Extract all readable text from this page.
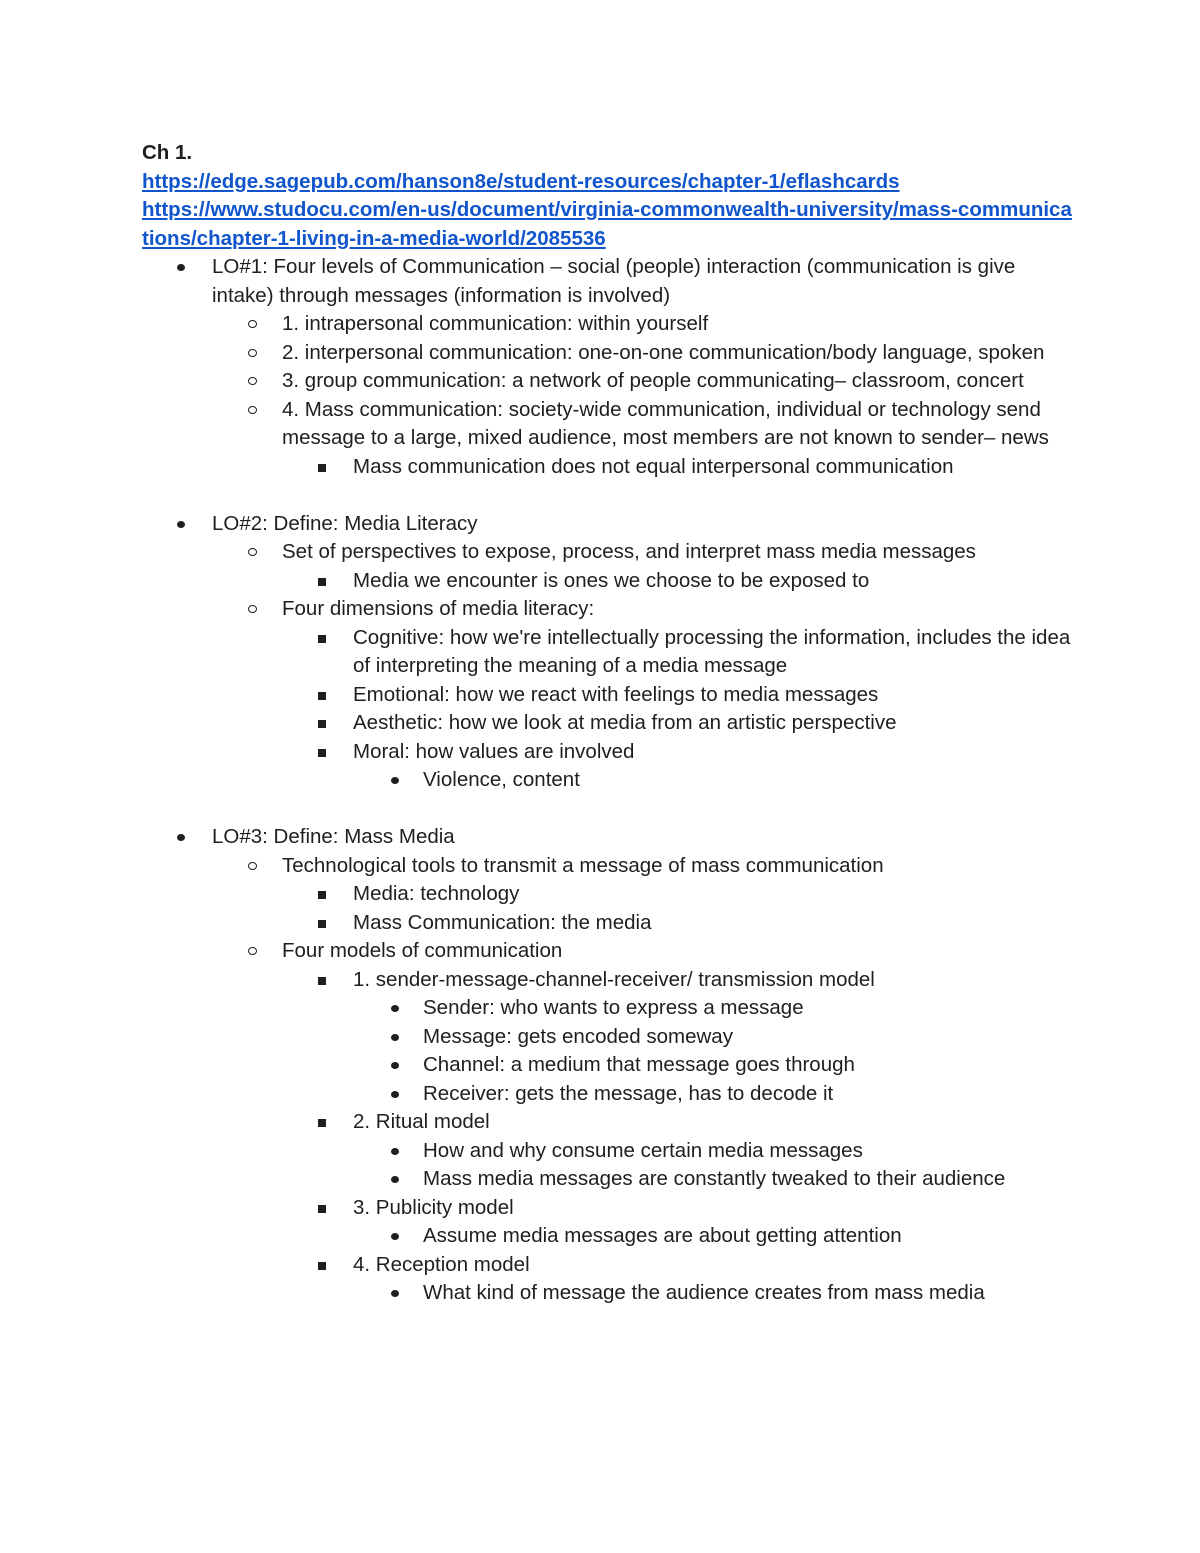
Ch 1.
https://edge.sagepub.com/hanson8e/student-resources/chapter-1/eflashcards
https://www.studocu.com/en-us/document/virginia-commonwealth-university/mass-communications/chapter-1-living-in-a-media-world/2085536
LO#1: Four levels of Communication – social (people) interaction (communication is give intake) through messages (information is involved)
1. intrapersonal communication: within yourself
2. interpersonal communication: one-on-one communication/body language, spoken
3. group communication: a network of people communicating– classroom, concert
4. Mass communication: society-wide communication, individual or technology send message to a large, mixed audience, most members are not known to sender– news
Mass communication does not equal interpersonal communication
LO#2: Define: Media Literacy
Set of perspectives to expose, process, and interpret mass media messages
Media we encounter is ones we choose to be exposed to
Four dimensions of media literacy:
Cognitive: how we're intellectually processing the information, includes the idea of interpreting the meaning of a media message
Emotional: how we react with feelings to media messages
Aesthetic: how we look at media from an artistic perspective
Moral: how values are involved
Violence, content
LO#3: Define: Mass Media
Technological tools to transmit a message of mass communication
Media: technology
Mass Communication: the media
Four models of communication
1. sender-message-channel-receiver/ transmission model
Sender: who wants to express a message
Message: gets encoded someway
Channel: a medium that message goes through
Receiver: gets the message, has to decode it
2. Ritual model
How and why consume certain media messages
Mass media messages are constantly tweaked to their audience
3. Publicity model
Assume media messages are about getting attention
4. Reception model
What kind of message the audience creates from mass media
